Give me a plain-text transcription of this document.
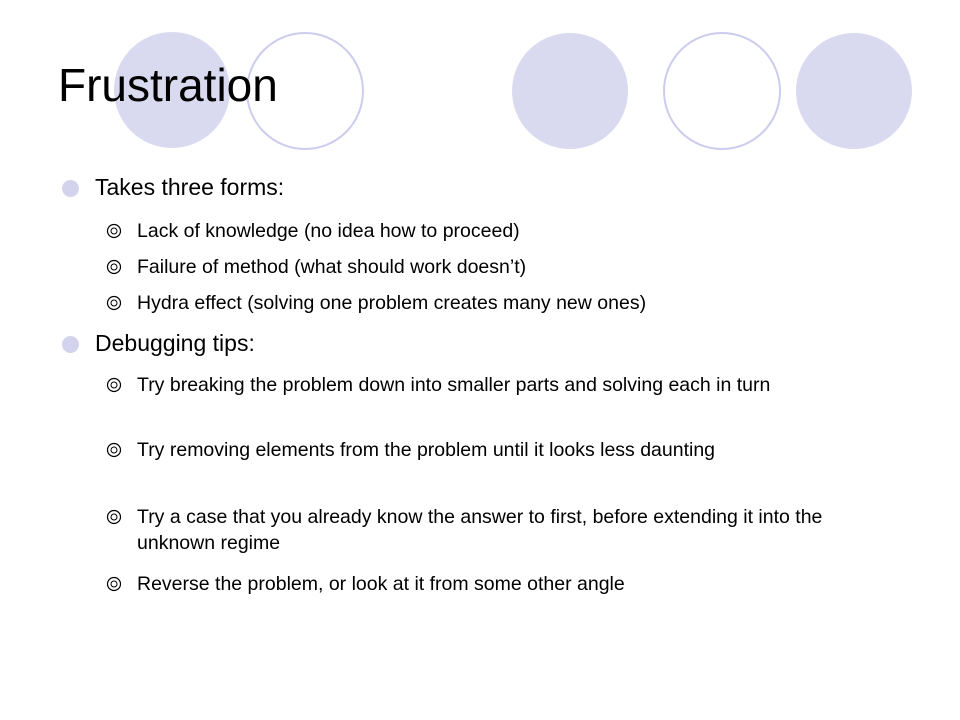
Frustration
Takes three forms:
Lack of knowledge (no idea how to proceed)
Failure of method (what should work doesn’t)
Hydra effect (solving one problem creates many new ones)
Debugging tips:
Try breaking the problem down into smaller parts and solving each in turn
Try removing elements from the problem until it looks less daunting
Try a case that you already know the answer to first, before extending it into the unknown regime
Reverse the problem, or look at it from some other angle
